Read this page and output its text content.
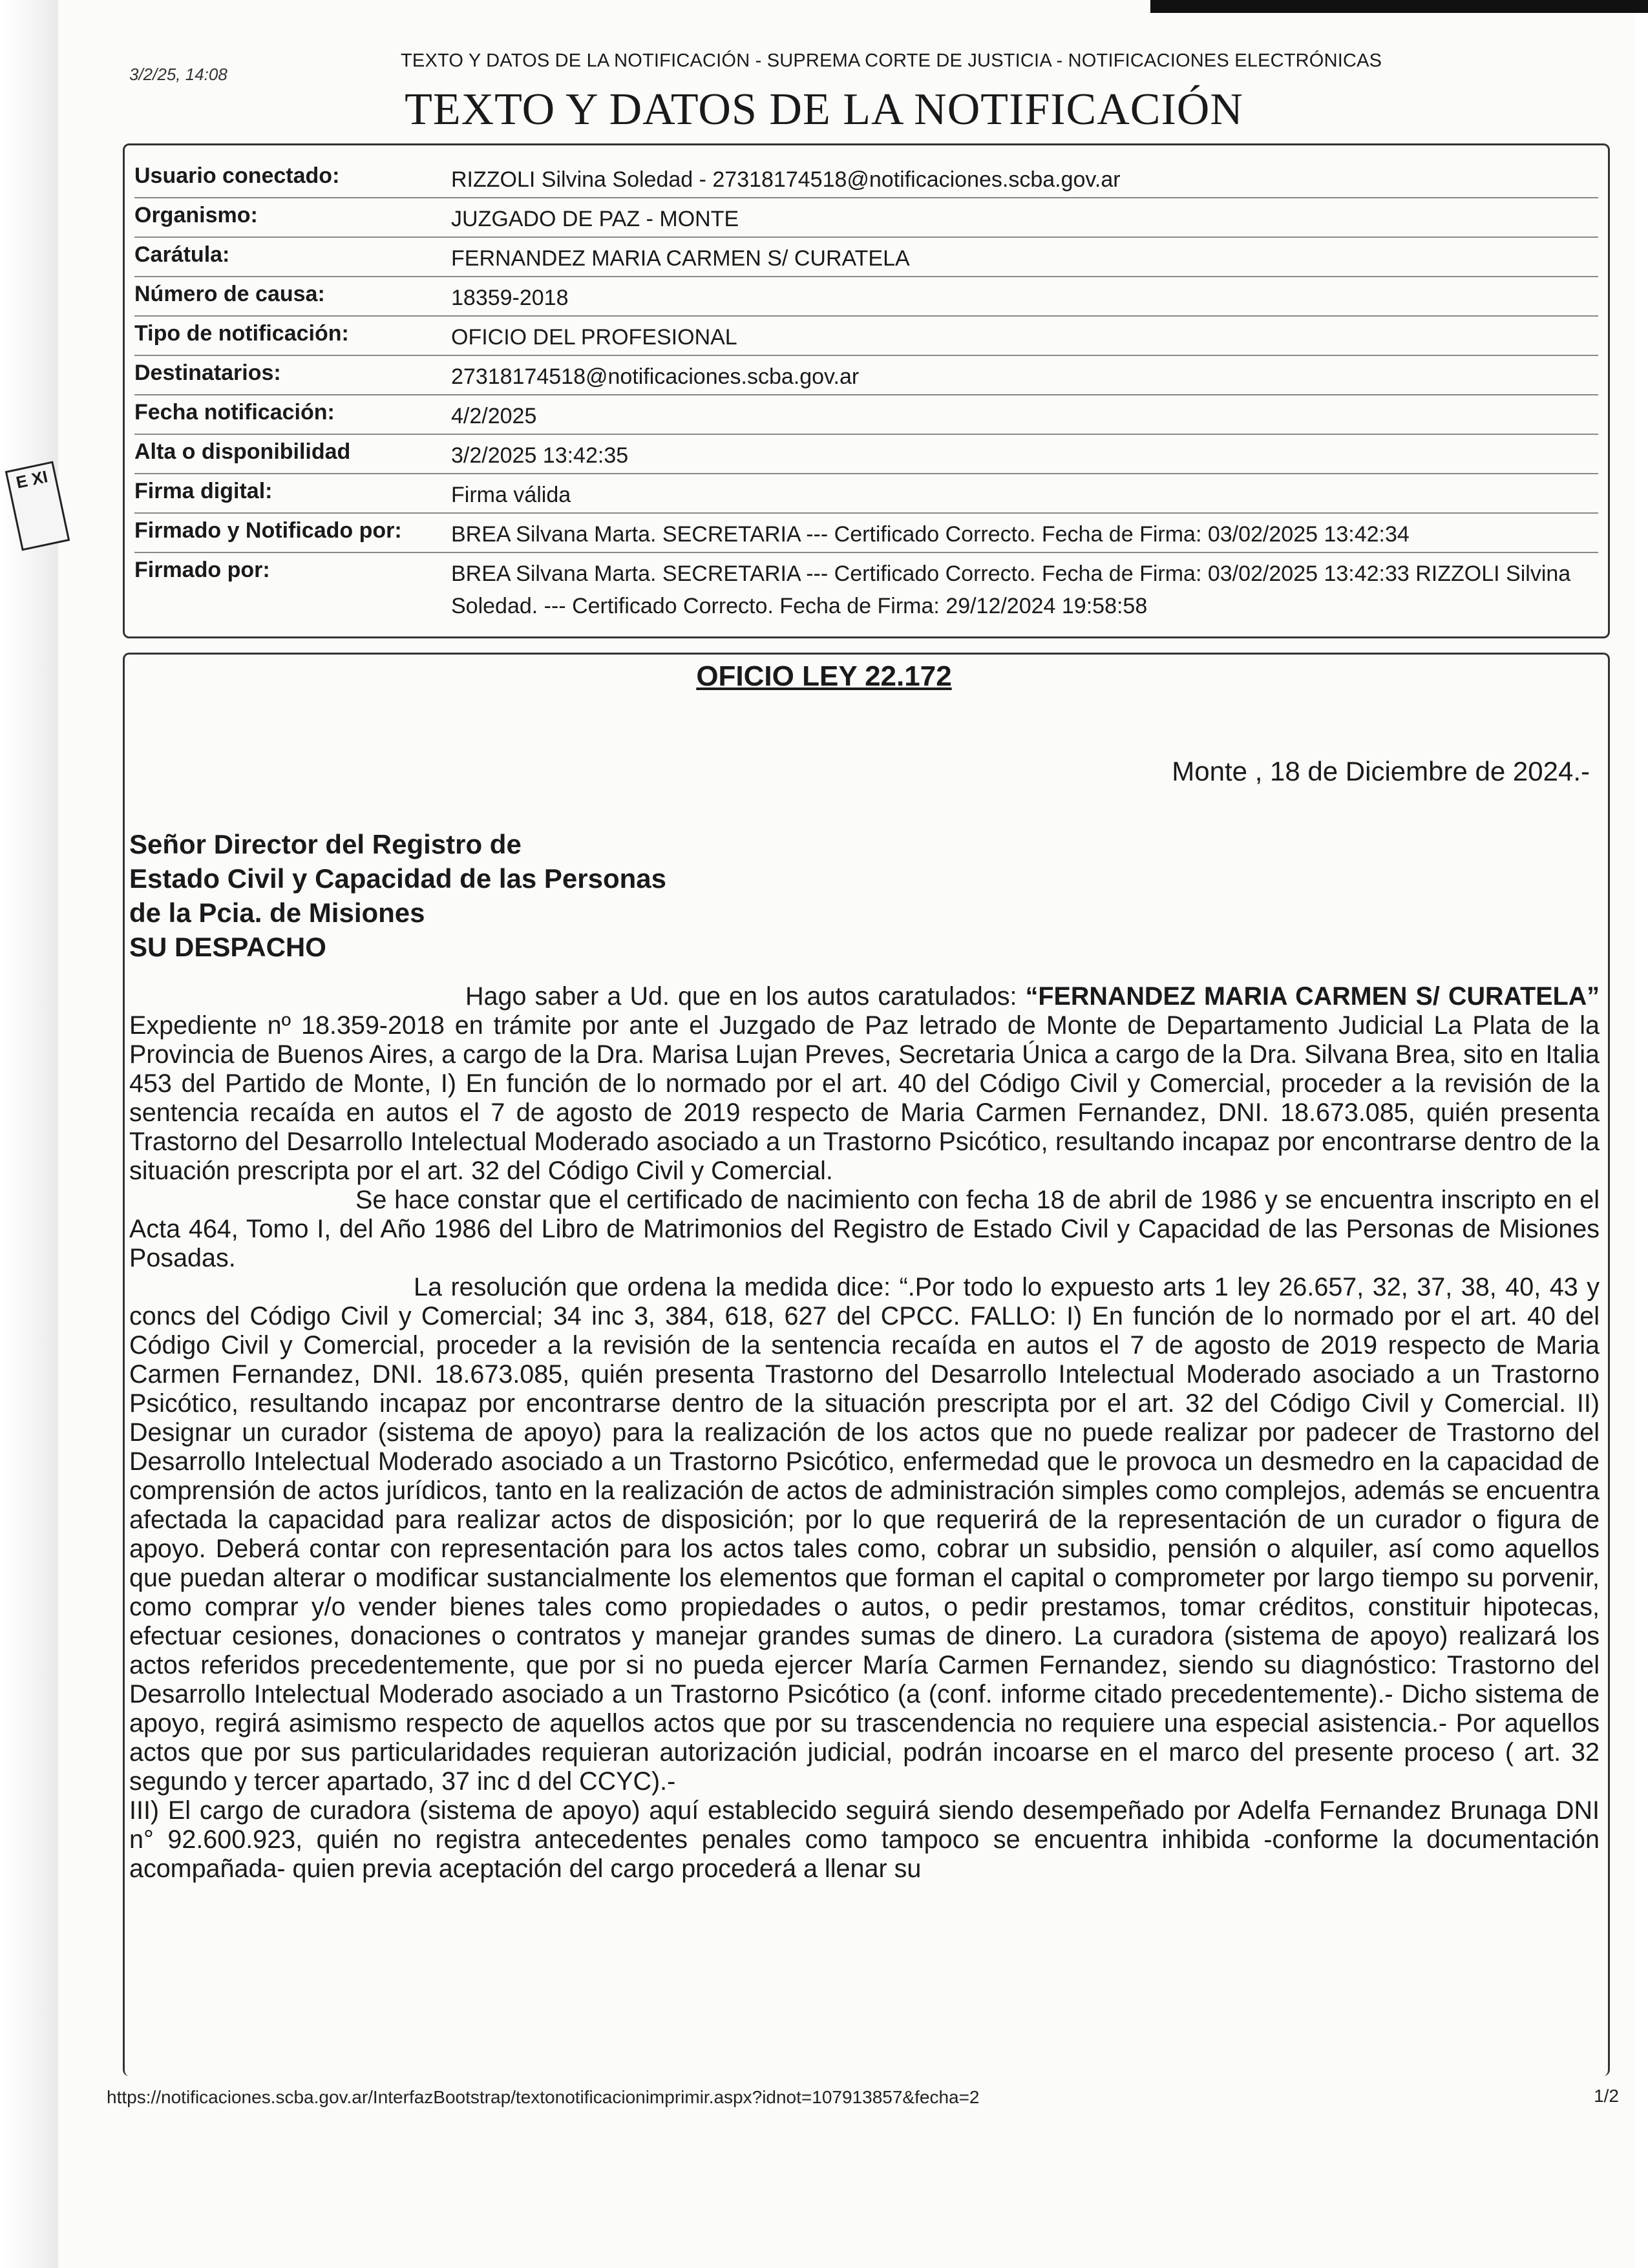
E XI
3/2/25, 14:08
TEXTO Y DATOS DE LA NOTIFICACIÓN - SUPREMA CORTE DE JUSTICIA - NOTIFICACIONES ELECTRÓNICAS
TEXTO Y DATOS DE LA NOTIFICACIÓN
Usuario conectado:	RIZZOLI Silvina Soledad - 27318174518@notificaciones.scba.gov.ar
Organismo:	JUZGADO DE PAZ - MONTE
Carátula:	FERNANDEZ MARIA CARMEN S/ CURATELA
Número de causa:	18359-2018
Tipo de notificación:	OFICIO DEL PROFESIONAL
Destinatarios:	27318174518@notificaciones.scba.gov.ar
Fecha notificación:	4/2/2025
Alta o disponibilidad	3/2/2025 13:42:35
Firma digital:	Firma válida
Firmado y Notificado por: BREA Silvana Marta. SECRETARIA --- Certificado Correcto. Fecha de Firma: 03/02/2025 13:42:34
Firmado por:	BREA Silvana Marta. SECRETARIA --- Certificado Correcto. Fecha de Firma: 03/02/2025 13:42:33 RIZZOLI Silvina Soledad. --- Certificado Correcto. Fecha de Firma: 29/12/2024 19:58:58
OFICIO LEY 22.172
Monte , 18 de Diciembre de 2024.-
Señor Director del Registro de
Estado Civil y Capacidad de las Personas
de la Pcia. de Misiones
SU DESPACHO

Hago saber a Ud. que en los autos caratulados: “FERNANDEZ MARIA CARMEN S/ CURATELA” Expediente nº 18.359-2018 en trámite por ante el Juzgado de Paz letrado de Monte de Departamento Judicial La Plata de la Provincia de Buenos Aires, a cargo de la Dra. Marisa Lujan Preves, Secretaria Única a cargo de la Dra. Silvana Brea, sito en Italia 453 del Partido de Monte, I) En función de lo normado por el art. 40 del Código Civil y Comercial, proceder a la revisión de la sentencia recaída en autos el 7 de agosto de 2019 respecto de Maria Carmen Fernandez, DNI. 18.673.085, quién presenta Trastorno del Desarrollo Intelectual Moderado asociado a un Trastorno Psicótico, resultando incapaz por encontrarse dentro de la situación prescripta por el art. 32 del Código Civil y Comercial.

Se hace constar que el certificado de nacimiento con fecha 18 de abril de 1986 y se encuentra inscripto en el Acta 464, Tomo I, del Año 1986 del Libro de Matrimonios del Registro de Estado Civil y Capacidad de las Personas de Misiones Posadas.

La resolución que ordena la medida dice: “.Por todo lo expuesto arts 1 ley 26.657, 32, 37, 38, 40, 43 y concs del Código Civil y Comercial; 34 inc 3, 384, 618, 627 del CPCC. FALLO: I) En función de lo normado por el art. 40 del Código Civil y Comercial, proceder a la revisión de la sentencia recaída en autos el 7 de agosto de 2019 respecto de Maria Carmen Fernandez, DNI. 18.673.085, quién presenta Trastorno del Desarrollo Intelectual Moderado asociado a un Trastorno Psicótico, resultando incapaz por encontrarse dentro de la situación prescripta por el art. 32 del Código Civil y Comercial. II) Designar un curador (sistema de apoyo) para la realización de los actos que no puede realizar por padecer de Trastorno del Desarrollo Intelectual Moderado asociado a un Trastorno Psicótico, enfermedad que le provoca un desmedro en la capacidad de comprensión de actos jurídicos, tanto en la realización de actos de administración simples como complejos, además se encuentra afectada la capacidad para realizar actos de disposición; por lo que requerirá de la representación de un curador o figura de apoyo. Deberá contar con representación para los actos tales como, cobrar un subsidio, pensión o alquiler, así como aquellos que puedan alterar o modificar sustancialmente los elementos que forman el capital o comprometer por largo tiempo su porvenir, como comprar y/o vender bienes tales como propiedades o autos, o pedir prestamos, tomar créditos, constituir hipotecas, efectuar cesiones, donaciones o contratos y manejar grandes sumas de dinero. La curadora (sistema de apoyo) realizará los actos referidos precedentemente, que por si no pueda ejercer María Carmen Fernandez, siendo su diagnóstico: Trastorno del Desarrollo Intelectual Moderado asociado a un Trastorno Psicótico (a (conf. informe citado precedentemente).- Dicho sistema de apoyo, regirá asimismo respecto de aquellos actos que por su trascendencia no requiere una especial asistencia.- Por aquellos actos que por sus particularidades requieran autorización judicial, podrán incoarse en el marco del presente proceso ( art. 32 segundo y tercer apartado, 37 inc d del CCYC).-

III) El cargo de curadora (sistema de apoyo) aquí establecido seguirá siendo desempeñado por Adelfa Fernandez Brunaga DNI n° 92.600.923, quién no registra antecedentes penales como tampoco se encuentra inhibida -conforme la documentación acompañada- quien previa aceptación del cargo procederá a llenar su

https://notificaciones.scba.gov.ar/InterfazBootstrap/textonotificacionimprimir.aspx?idnot=107913857&fecha=2	1/2
